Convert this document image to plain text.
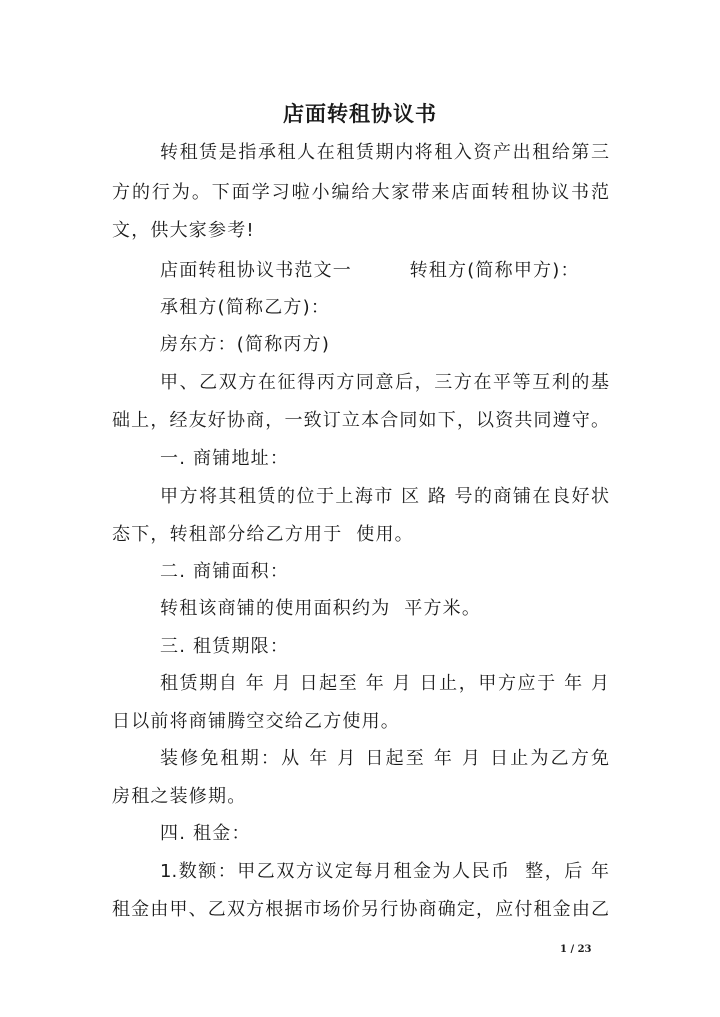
店面转租协议书
转租赁是指承租人在租赁期内将租入资产出租给第三
方的行为。下面学习啦小编给大家带来店面转租协议书范
文，供大家参考!
店面转租协议书范文一　　　转租方(简称甲方)：
承租方(简称乙方)：
房东方：(简称丙方)
甲、乙双方在征得丙方同意后，三方在平等互利的基
础上，经友好协商，一致订立本合同如下，以资共同遵守。
一. 商铺地址：
甲方将其租赁的位于上海市 区 路 号的商铺在良好状
态下，转租部分给乙方用于  使用。
二. 商铺面积：
转租该商铺的使用面积约为  平方米。
三. 租赁期限：
租赁期自 年 月 日起至 年 月 日止，甲方应于 年 月
日以前将商铺腾空交给乙方使用。
装修免租期：从 年 月 日起至 年 月 日止为乙方免
房租之装修期。
四. 租金：
1.数额：甲乙双方议定每月租金为人民币  整，后 年
租金由甲、乙双方根据市场价另行协商确定，应付租金由乙
1 / 23
